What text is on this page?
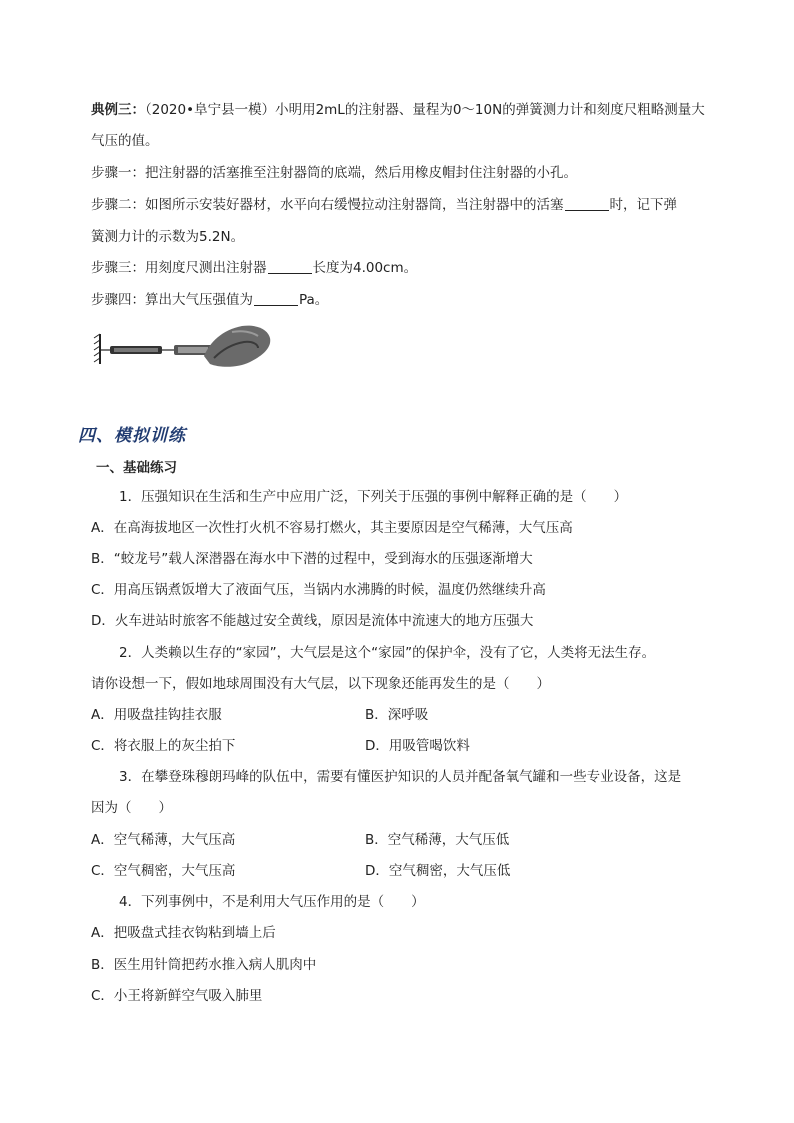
典例三：（2020•阜宁县一模）小明用2mL的注射器、量程为0～10N的弹簧测力计和刻度尺粗略测量大
气压的值。
步骤一：把注射器的活塞推至注射器筒的底端，然后用橡皮帽封住注射器的小孔。
步骤二：如图所示安装好器材，水平向右缓慢拉动注射器筒，当注射器中的活塞	时，记下弹
簧测力计的示数为5.2N。
步骤三：用刻度尺测出注射器	长度为4.00cm。
步骤四：算出大气压强值为	Pa。
四、模拟训练
一、基础练习
1．压强知识在生活和生产中应用广泛，下列关于压强的事例中解释正确的是（　　）
A．在高海拔地区一次性打火机不容易打燃火，其主要原因是空气稀薄，大气压高
B．“蛟龙号”载人深潜器在海水中下潜的过程中，受到海水的压强逐渐增大
C．用高压锅煮饭增大了液面气压，当锅内水沸腾的时候，温度仍然继续升高
D．火车进站时旅客不能越过安全黄线，原因是流体中流速大的地方压强大
2．人类赖以生存的“家园”，大气层是这个“家园”的保护伞，没有了它，人类将无法生存。
请你设想一下，假如地球周围没有大气层，以下现象还能再发生的是（　　）
A．用吸盘挂钩挂衣服	B．深呼吸
C．将衣服上的灰尘拍下	D．用吸管喝饮料
3．在攀登珠穆朗玛峰的队伍中，需要有懂医护知识的人员并配备氧气罐和一些专业设备，这是
因为（　　）
A．空气稀薄，大气压高	B．空气稀薄，大气压低
C．空气稠密，大气压高	D．空气稠密，大气压低
4．下列事例中，不是利用大气压作用的是（　　）
A．把吸盘式挂衣钩粘到墙上后
B．医生用针筒把药水推入病人肌肉中
C．小王将新鲜空气吸入肺里
